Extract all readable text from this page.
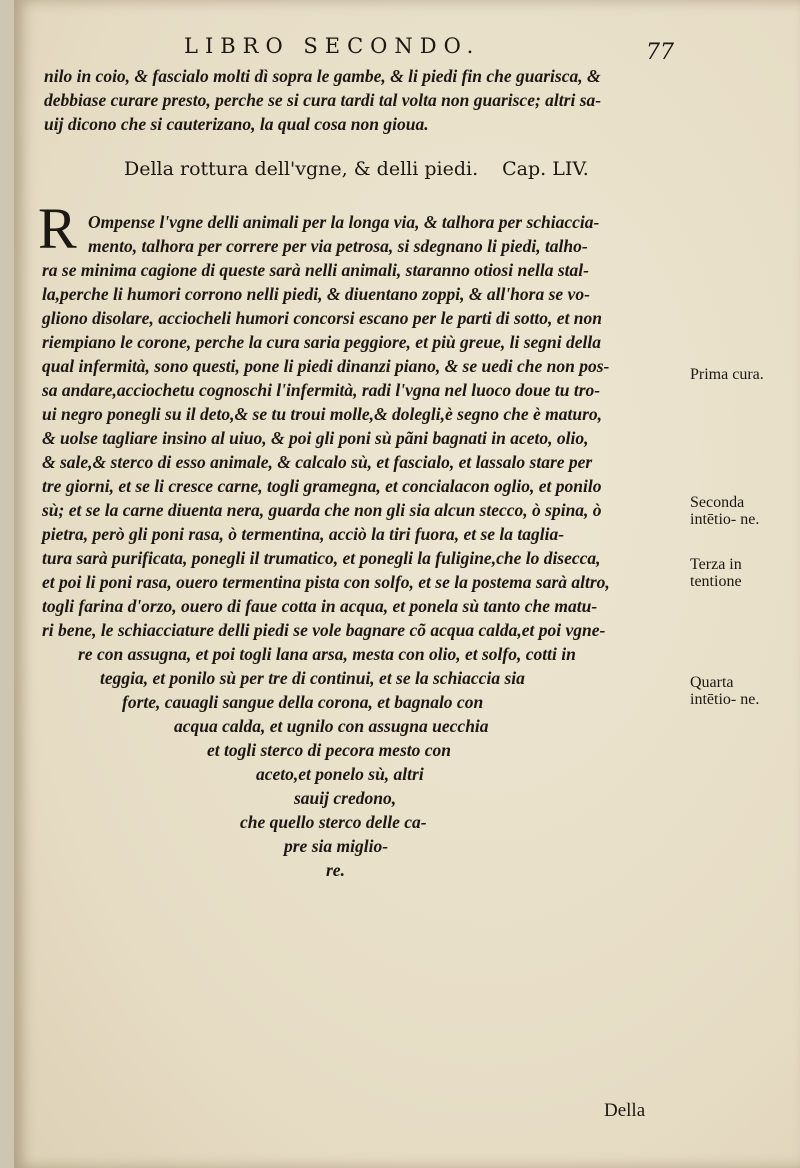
LIBRO SECONDO.	77
nilo in coio, & fascialo molti dì sopra le gambe, & li piedi fin che guarisca, &
debbiase curare presto, perche se si cura tardi tal volta non guarisce; altri sa-
uij dicono che si cauterizano, la qual cosa non gioua.
Della rottura dell'vgne, & delli piedi. Cap. LIV.
R Ompense l'vgne delli animali per la longa via, & talhora per schiaccia-
mento, talhora per correre per via petrosa, si sdegnano li piedi, talho-
ra se minima cagione di queste sarà nelli animali, staranno otiosi nella stal-
la,perche li humori corrono nelli piedi, & diuentano zoppi, & all'hora se vo-
gliono disolare, acciocheli humori concorsi escano per le parti di sotto, et non
riempiano le corone, perche la cura saria peggiore, et più greue, li segni della
qual infermità, sono questi, pone li piedi dinanzi piano, & se uedi che non pos-
sa andare,acciochetu cognoschi l'infermità, radi l'vgna nel luoco doue tu tro-
ui negro ponegli su il deto,& se tu troui molle,& dolegli,è segno che è maturo,
& uolse tagliare insino al uiuo, & poi gli poni sù pãni bagnati in aceto, olio,
& sale,& sterco di esso animale, & calcalo sù, et fascialo, et lassalo stare per
tre giorni, et se li cresce carne, togli gramegna, et concialacon oglio, et ponilo
sù; et se la carne diuenta nera, guarda che non gli sia alcun stecco, ò spina, ò
pietra, però gli poni rasa, ò termentina, acciò la tiri fuora, et se la taglia-
tura sarà purificata, ponegli il trumatico, et ponegli la fuligine,che lo disecca,
et poi li poni rasa, ouero termentina pista con solfo, et se la postema sarà altro,
togli farina d'orzo, ouero di faue cotta in acqua, et ponela sù tanto che matu-
ri bene, le schiacciature delli piedi se vole bagnare cõ acqua calda,et poi vgne-
re con assugna, et poi togli lana arsa, mesta con olio, et solfo, cotti in
teggia, et ponilo sù per tre di continui, et se la schiaccia sia
forte, cauagli sangue della corona, et bagnalo con
acqua calda, et ugnilo con assugna uecchia
et togli sterco di pecora mesto con
aceto,et ponelo sù, altri
sauij credono,
che quello sterco delle ca-
pre sia miglio-
re.
Prima cura.
Seconda intētio- ne.
Terza in tentione
Quarta intētio- ne.
Della
